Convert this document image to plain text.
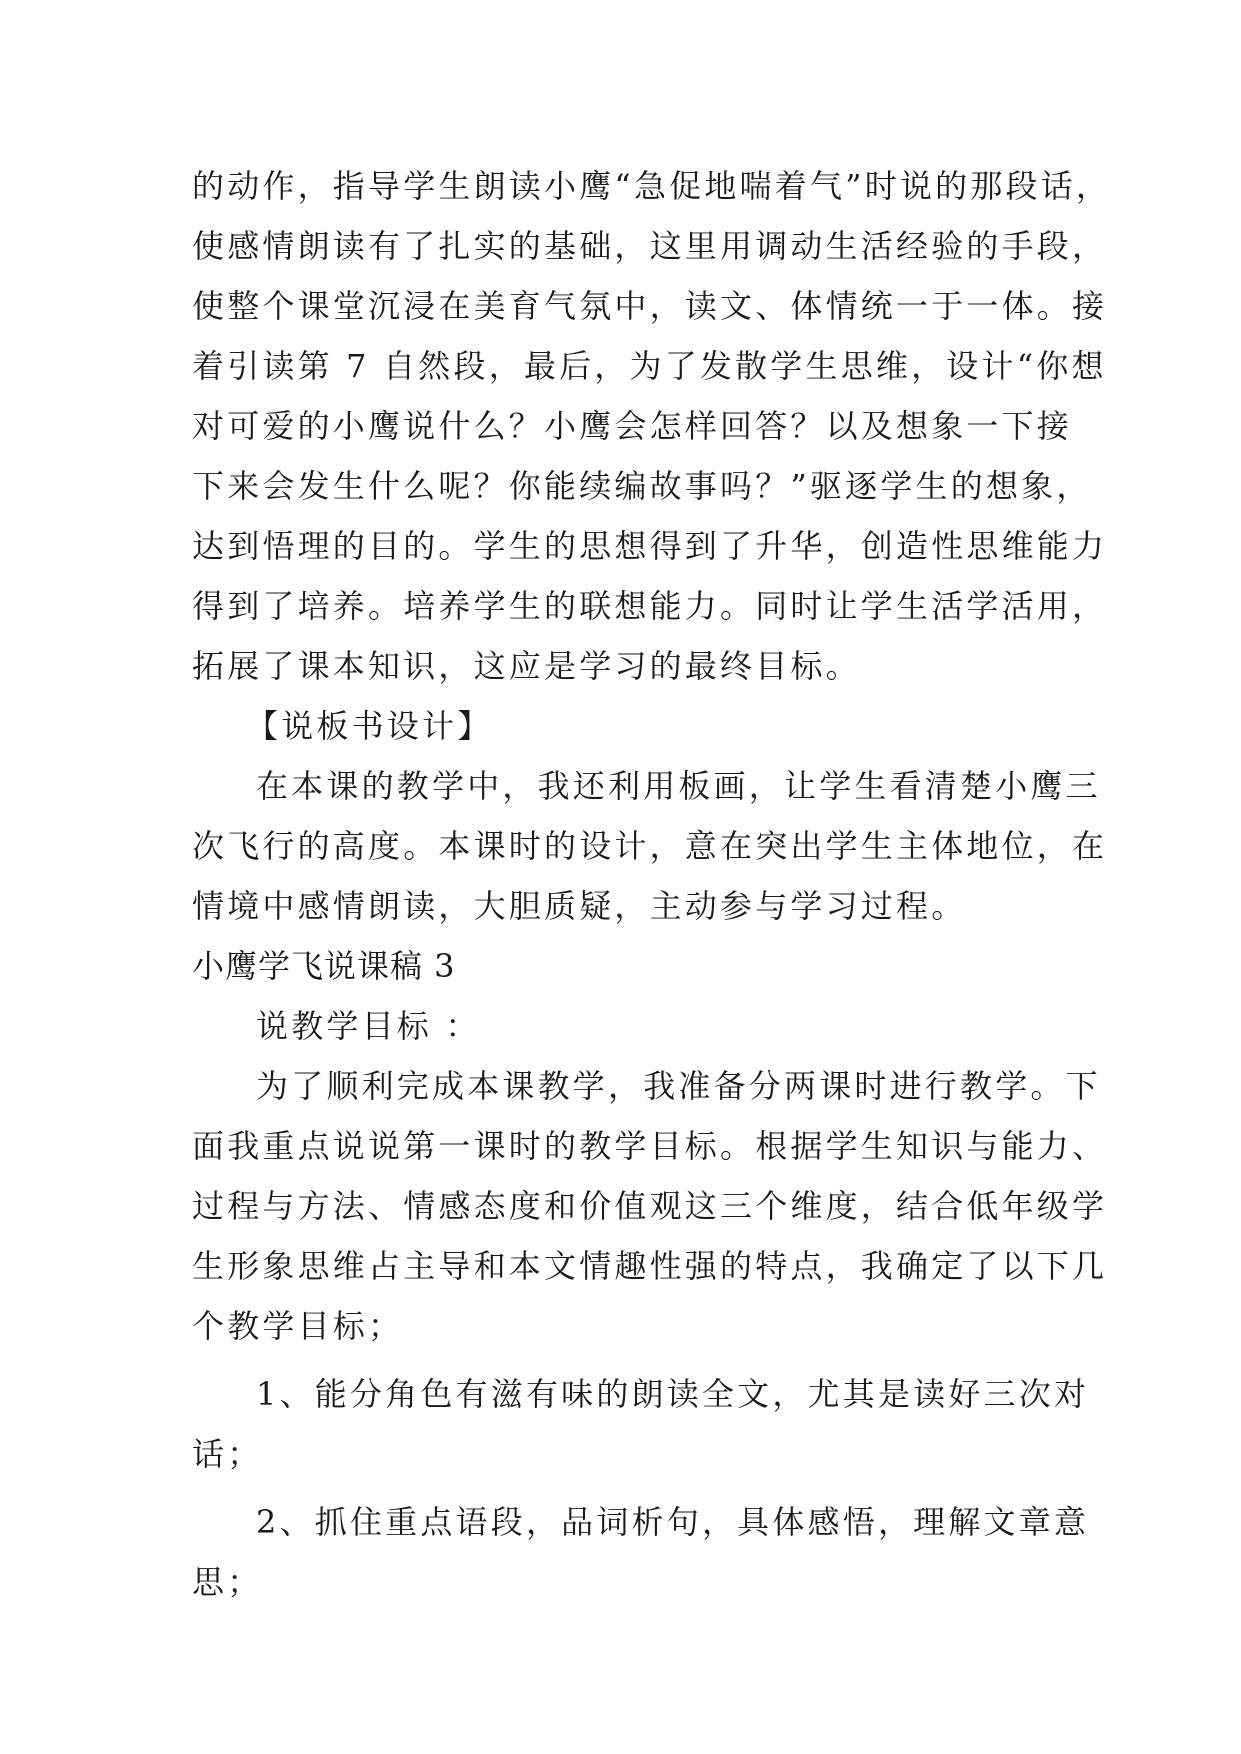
的动作，指导学生朗读小鹰“急促地喘着气”时说的那段话，
使感情朗读有了扎实的基础，这里用调动生活经验的手段，
使整个课堂沉浸在美育气氛中，读文、体情统一于一体。接
着引读第 7 自然段，最后，为了发散学生思维，设计“你想
对可爱的小鹰说什么？小鹰会怎样回答？以及想象一下接
下来会发生什么呢？你能续编故事吗？”驱逐学生的想象，
达到悟理的目的。学生的思想得到了升华，创造性思维能力
得到了培养。培养学生的联想能力。同时让学生活学活用，
拓展了课本知识，这应是学习的最终目标。
【说板书设计】
在本课的教学中，我还利用板画，让学生看清楚小鹰三
次飞行的高度。本课时的设计，意在突出学生主体地位，在
情境中感情朗读，大胆质疑，主动参与学习过程。
小鹰学飞说课稿 3
说教学目标 ：
为了顺利完成本课教学，我准备分两课时进行教学。下
面我重点说说第一课时的教学目标。根据学生知识与能力、
过程与方法、情感态度和价值观这三个维度，结合低年级学
生形象思维占主导和本文情趣性强的特点，我确定了以下几
个教学目标；
1、能分角色有滋有味的朗读全文，尤其是读好三次对
话；
2、抓住重点语段，品词析句，具体感悟，理解文章意
思；
